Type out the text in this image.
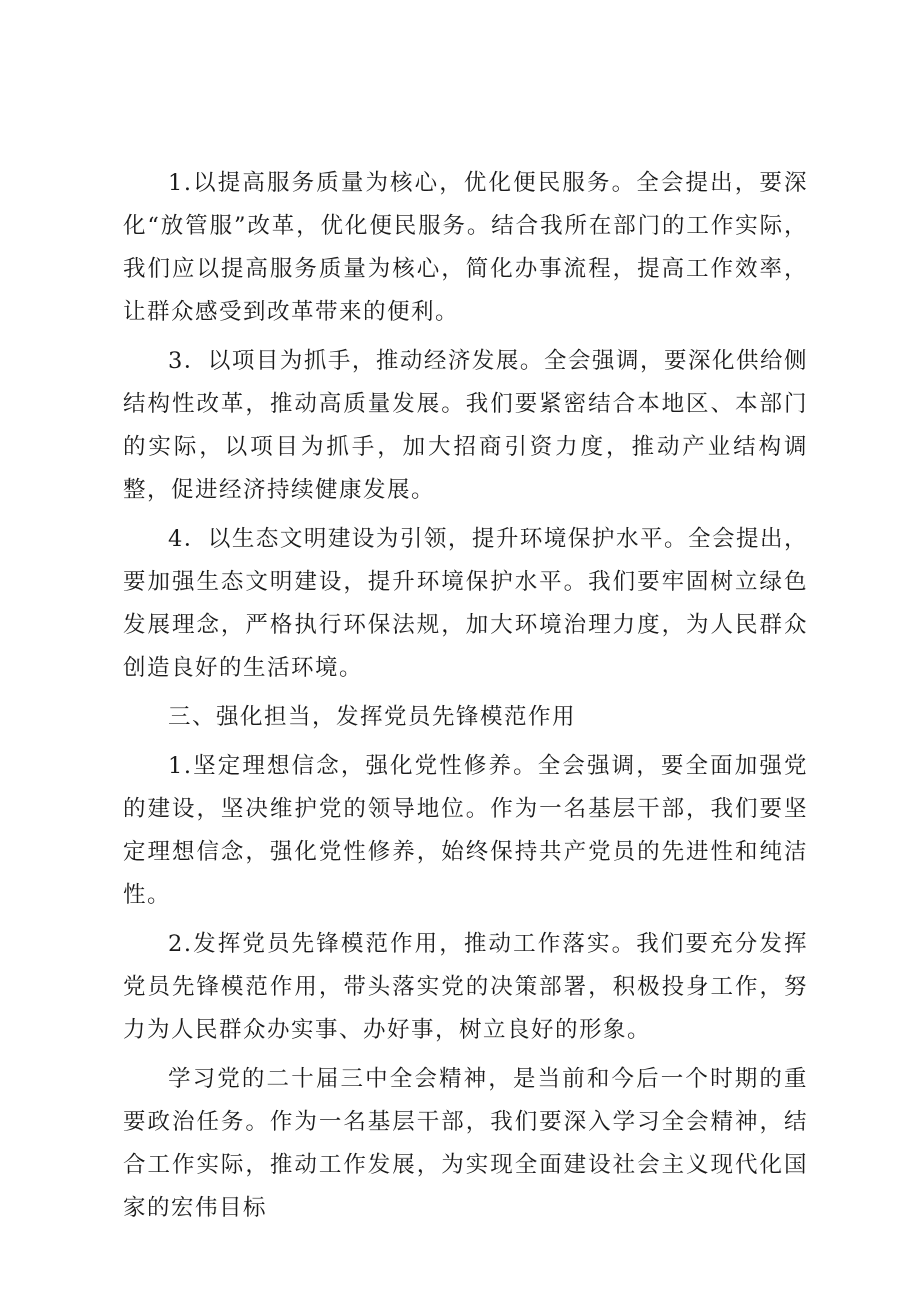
1.以提高服务质量为核心，优化便民服务。全会提出，要深化“放管服”改革，优化便民服务。结合我所在部门的工作实际，我们应以提高服务质量为核心，简化办事流程，提高工作效率，让群众感受到改革带来的便利。

3．以项目为抓手，推动经济发展。全会强调，要深化供给侧结构性改革，推动高质量发展。我们要紧密结合本地区、本部门的实际，以项目为抓手，加大招商引资力度，推动产业结构调整，促进经济持续健康发展。

4．以生态文明建设为引领，提升环境保护水平。全会提出，要加强生态文明建设，提升环境保护水平。我们要牢固树立绿色发展理念，严格执行环保法规，加大环境治理力度，为人民群众创造良好的生活环境。

三、强化担当，发挥党员先锋模范作用

1.坚定理想信念，强化党性修养。全会强调，要全面加强党的建设，坚决维护党的领导地位。作为一名基层干部，我们要坚定理想信念，强化党性修养，始终保持共产党员的先进性和纯洁性。

2.发挥党员先锋模范作用，推动工作落实。我们要充分发挥党员先锋模范作用，带头落实党的决策部署，积极投身工作，努力为人民群众办实事、办好事，树立良好的形象。

学习党的二十届三中全会精神，是当前和今后一个时期的重要政治任务。作为一名基层干部，我们要深入学习全会精神，结合工作实际，推动工作发展，为实现全面建设社会主义现代化国家的宏伟目标
